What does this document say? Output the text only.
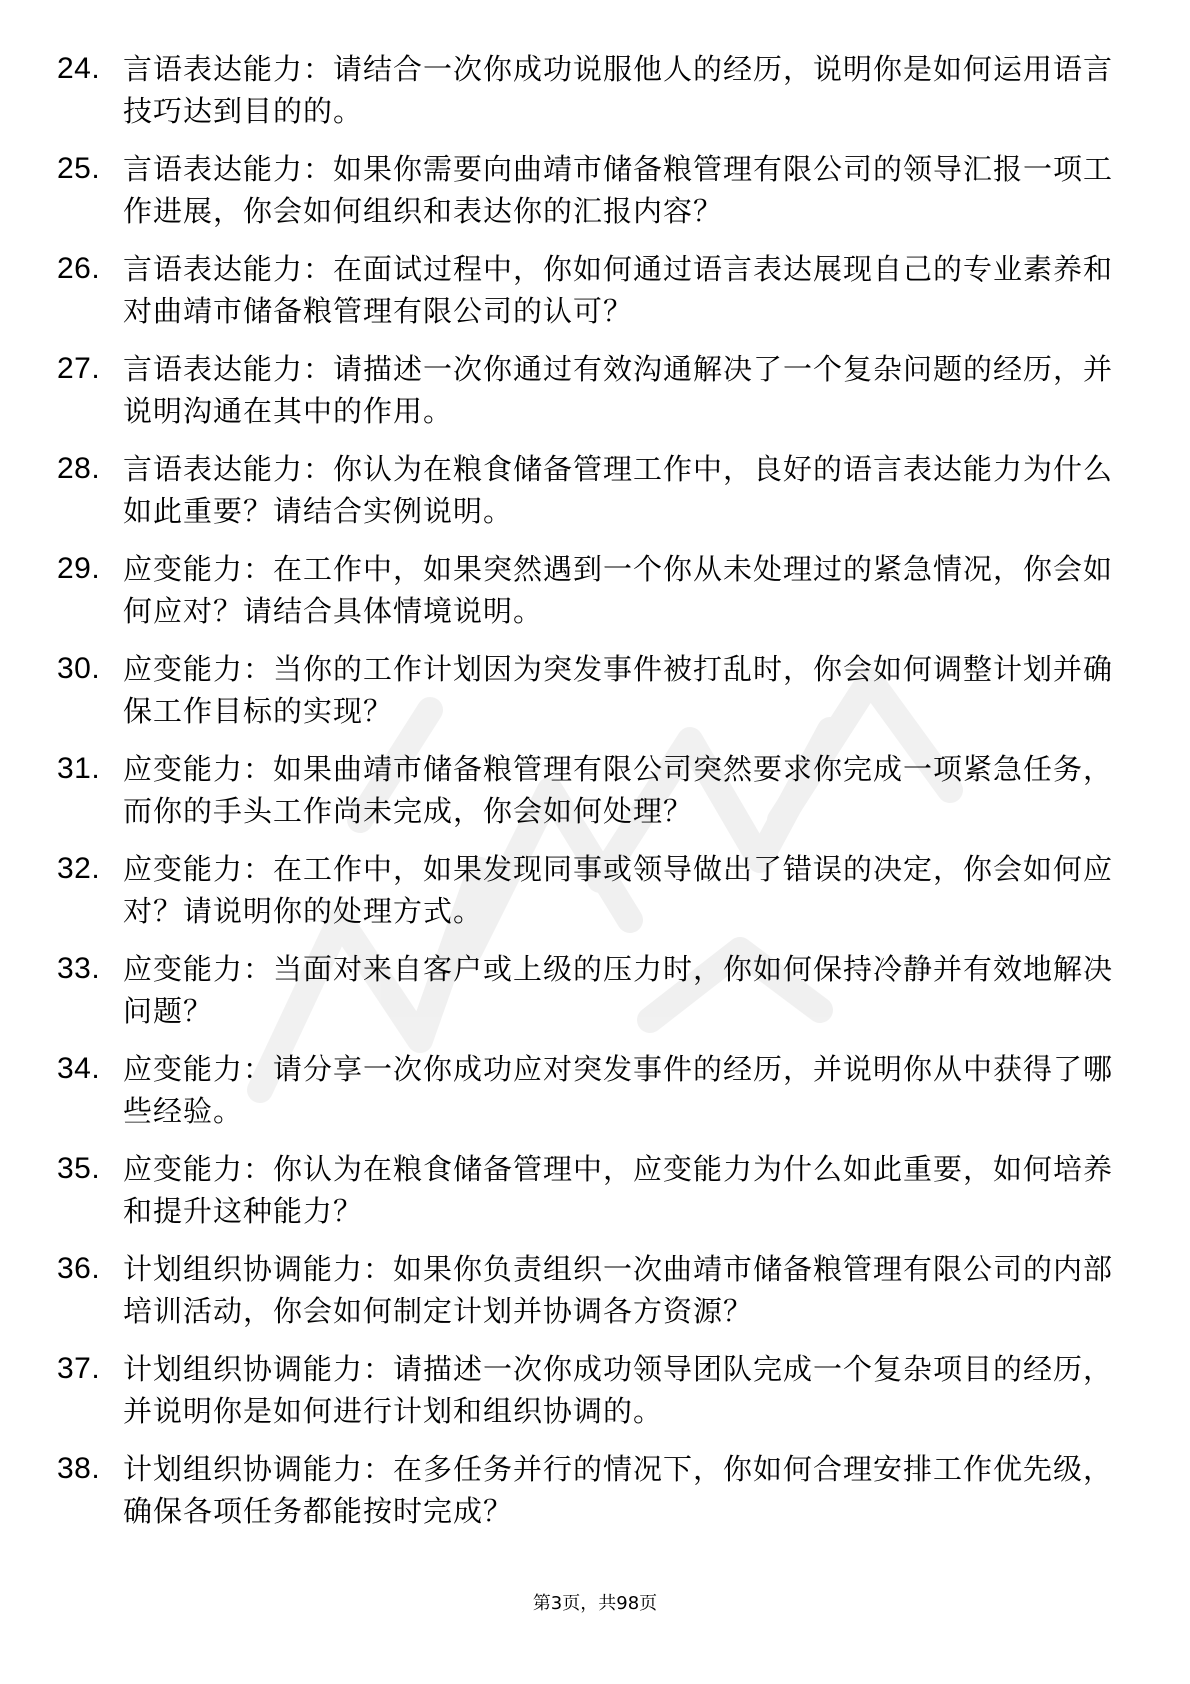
24. 言语表达能力：请结合一次你成功说服他人的经历，说明你是如何运用语言技巧达到目的的。
25. 言语表达能力：如果你需要向曲靖市储备粮管理有限公司的领导汇报一项工作进展，你会如何组织和表达你的汇报内容？
26. 言语表达能力：在面试过程中，你如何通过语言表达展现自己的专业素养和对曲靖市储备粮管理有限公司的认可？
27. 言语表达能力：请描述一次你通过有效沟通解决了一个复杂问题的经历，并说明沟通在其中的作用。
28. 言语表达能力：你认为在粮食储备管理工作中，良好的语言表达能力为什么如此重要？请结合实例说明。
29. 应变能力：在工作中，如果突然遇到一个你从未处理过的紧急情况，你会如何应对？请结合具体情境说明。
30. 应变能力：当你的工作计划因为突发事件被打乱时，你会如何调整计划并确保工作目标的实现？
31. 应变能力：如果曲靖市储备粮管理有限公司突然要求你完成一项紧急任务，而你的手头工作尚未完成，你会如何处理？
32. 应变能力：在工作中，如果发现同事或领导做出了错误的决定，你会如何应对？请说明你的处理方式。
33. 应变能力：当面对来自客户或上级的压力时，你如何保持冷静并有效地解决问题？
34. 应变能力：请分享一次你成功应对突发事件的经历，并说明你从中获得了哪些经验。
35. 应变能力：你认为在粮食储备管理中，应变能力为什么如此重要，如何培养和提升这种能力？
36. 计划组织协调能力：如果你负责组织一次曲靖市储备粮管理有限公司的内部培训活动，你会如何制定计划并协调各方资源？
37. 计划组织协调能力：请描述一次你成功领导团队完成一个复杂项目的经历，并说明你是如何进行计划和组织协调的。
38. 计划组织协调能力：在多任务并行的情况下，你如何合理安排工作优先级，确保各项任务都能按时完成？
第3页，共98页
